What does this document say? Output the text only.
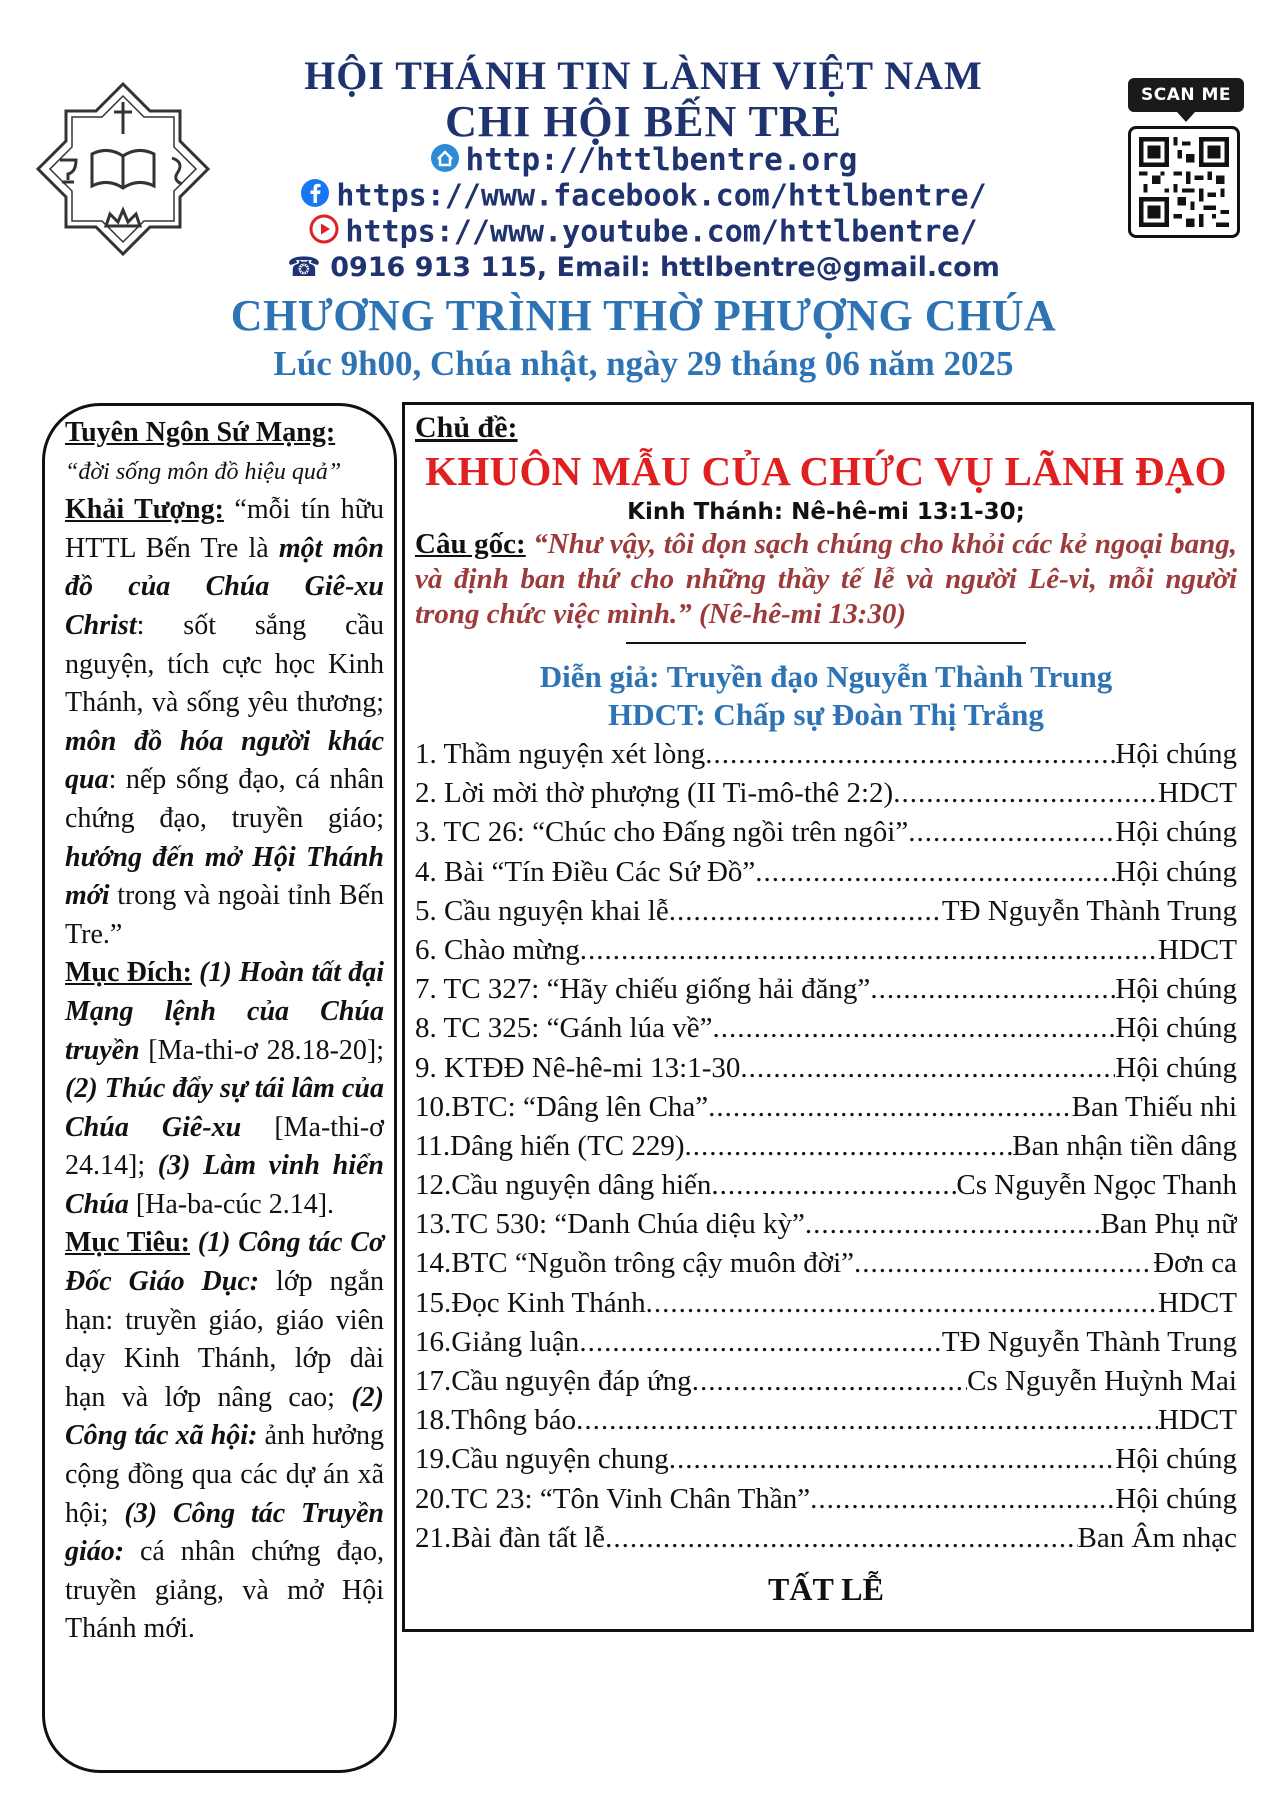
HỘI THÁNH TIN LÀNH VIỆT NAM
CHI HỘI BẾN TRE
http://httlbentre.org
https://www.facebook.com/httlbentre/
https://www.youtube.com/httlbentre/
☎ 0916 913 115, Email: httlbentre@gmail.com
CHƯƠNG TRÌNH THỜ PHƯỢNG CHÚA
Lúc 9h00, Chúa nhật, ngày 29 tháng 06 năm 2025
SCAN ME

Tuyên Ngôn Sứ Mạng:

“đời sống môn đồ hiệu quả”

Khải Tượng: “mỗi tín hữu HTTL Bến Tre là một môn đồ của Chúa Giê-xu Christ: sốt sắng cầu nguyện, tích cực học Kinh Thánh, và sống yêu thương; môn đồ hóa người khác qua: nếp sống đạo, cá nhân chứng đạo, truyền giáo; hướng đến mở Hội Thánh mới trong và ngoài tỉnh Bến Tre.”

Mục Đích: (1) Hoàn tất đại Mạng lệnh của Chúa truyền [Ma-thi-ơ 28.18-20]; (2) Thúc đẩy sự tái lâm của Chúa Giê-xu [Ma-thi-ơ 24.14]; (3) Làm vinh hiển Chúa [Ha-ba-cúc 2.14].

Mục Tiêu: (1) Công tác Cơ Đốc Giáo Dục: lớp ngắn hạn: truyền giáo, giáo viên dạy Kinh Thánh, lớp dài hạn và lớp nâng cao; (2) Công tác xã hội: ảnh hưởng cộng đồng qua các dự án xã hội; (3) Công tác Truyền giáo: cá nhân chứng đạo, truyền giảng, và mở Hội Thánh mới.

Chủ đề:
KHUÔN MẪU CỦA CHỨC VỤ LÃNH ĐẠO
Kinh Thánh: Nê-hê-mi 13:1-30;
Câu gốc: “Như vậy, tôi dọn sạch chúng cho khỏi các kẻ ngoại bang, và định ban thứ cho những thầy tế lễ và người Lê-vi, mỗi người trong chức việc mình.” (Nê-hê-mi 13:30)
Diễn giả: Truyền đạo Nguyễn Thành Trung
HDCT: Chấp sự Đoàn Thị Trắng
1. Thầm nguyện xét lòng .....	Hội chúng
2. Lời mời thờ phượng (II Ti-mô-thê 2:2) .....	HDCT
3. TC 26: “Chúc cho Đấng ngồi trên ngôi” .....	Hội chúng
4. Bài “Tín Điều Các Sứ Đồ” .....	Hội chúng
5. Cầu nguyện khai lễ .....	TĐ Nguyễn Thành Trung
6. Chào mừng .....	HDCT
7. TC 327: “Hãy chiếu giống hải đăng” .....	Hội chúng
8. TC 325: “Gánh lúa về” .....	Hội chúng
9. KTĐĐ Nê-hê-mi 13:1-30 .....	Hội chúng
10.BTC: “Dâng lên Cha” .....	Ban Thiếu nhi
11.Dâng hiến (TC 229) .....	Ban nhận tiền dâng
12.Cầu nguyện dâng hiến .....	Cs Nguyễn Ngọc Thanh
13.TC 530: “Danh Chúa diệu kỳ” .....	Ban Phụ nữ
14.BTC “Nguồn trông cậy muôn đời” .....	Đơn ca
15.Đọc Kinh Thánh .....	HDCT
16.Giảng luận .....	TĐ Nguyễn Thành Trung
17.Cầu nguyện đáp ứng .....	Cs Nguyễn Huỳnh Mai
18.Thông báo .....	HDCT
19.Cầu nguyện chung .....	Hội chúng
20.TC 23: “Tôn Vinh Chân Thần” .....	Hội chúng
21.Bài đàn tất lễ .....	Ban Âm nhạc
TẤT LỄ
